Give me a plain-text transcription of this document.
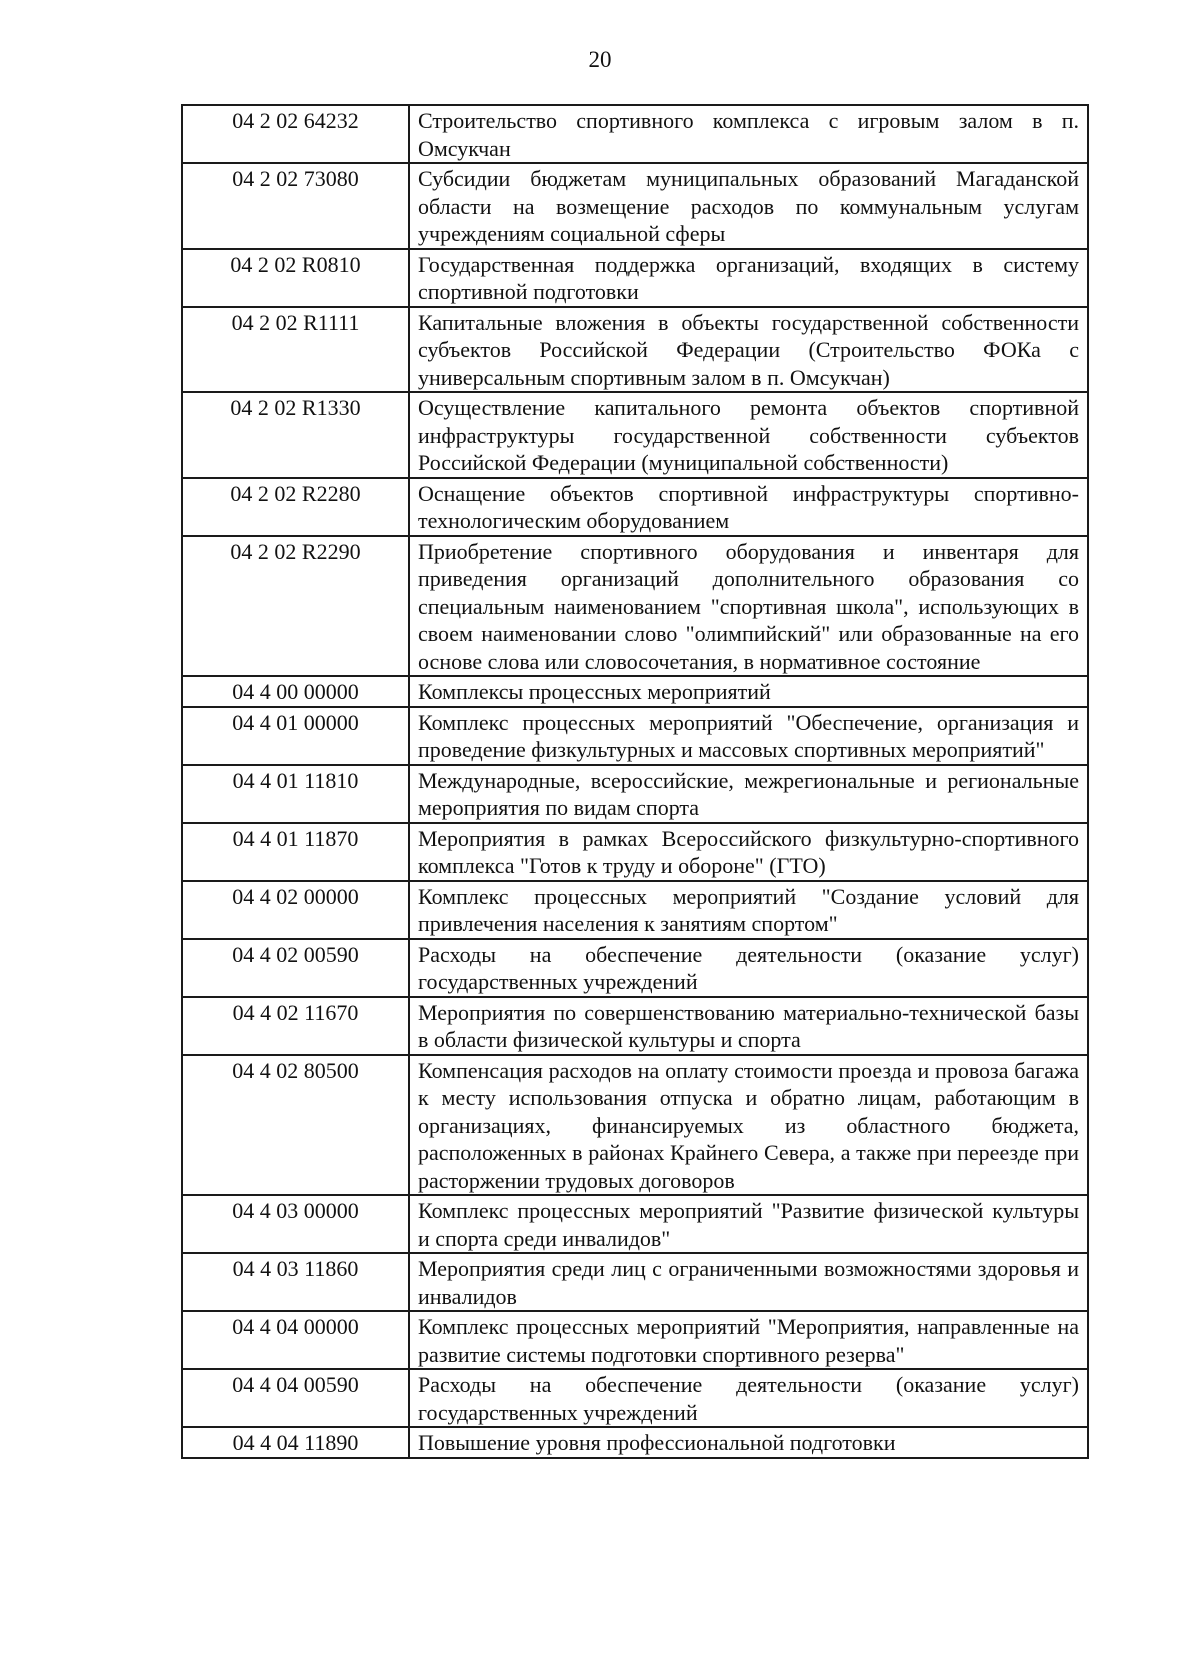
20
04 2 02 64232	Строительство спортивного комплекса с игровым залом в п. Омсукчан
04 2 02 73080	Субсидии бюджетам муниципальных образований Магаданской области на возмещение расходов по коммунальным услугам учреждениям социальной сферы
04 2 02 R0810	Государственная поддержка организаций, входящих в систему спортивной подготовки
04 2 02 R1111	Капитальные вложения в объекты государственной собственности субъектов Российской Федерации (Строительство ФОКа с универсальным спортивным залом в п. Омсукчан)
04 2 02 R1330	Осуществление капитального ремонта объектов спортивной инфраструктуры государственной собственности субъектов Российской Федерации (муниципальной собственности)
04 2 02 R2280	Оснащение объектов спортивной инфраструктуры спортивно-технологическим оборудованием
04 2 02 R2290	Приобретение спортивного оборудования и инвентаря для приведения организаций дополнительного образования со специальным наименованием "спортивная школа", использующих в своем наименовании слово "олимпийский" или образованные на его основе слова или словосочетания, в нормативное состояние
04 4 00 00000	Комплексы процессных мероприятий
04 4 01 00000	Комплекс процессных мероприятий "Обеспечение, организация и проведение физкультурных и массовых спортивных мероприятий"
04 4 01 11810	Международные, всероссийские, межрегиональные и региональные мероприятия по видам спорта
04 4 01 11870	Мероприятия в рамках Всероссийского физкультурно-спортивного комплекса "Готов к труду и обороне" (ГТО)
04 4 02 00000	Комплекс процессных мероприятий "Создание условий для привлечения населения к занятиям спортом"
04 4 02 00590	Расходы на обеспечение деятельности (оказание услуг) государственных учреждений
04 4 02 11670	Мероприятия по совершенствованию материально-технической базы в области физической культуры и спорта
04 4 02 80500	Компенсация расходов на оплату стоимости проезда и провоза багажа к месту использования отпуска и обратно лицам, работающим в организациях, финансируемых из областного бюджета, расположенных в районах Крайнего Севера, а также при переезде при расторжении трудовых договоров
04 4 03 00000	Комплекс процессных мероприятий "Развитие физической культуры и спорта среди инвалидов"
04 4 03 11860	Мероприятия среди лиц с ограниченными возможностями здоровья и инвалидов
04 4 04 00000	Комплекс процессных мероприятий "Мероприятия, направленные на развитие системы подготовки спортивного резерва"
04 4 04 00590	Расходы на обеспечение деятельности (оказание услуг) государственных учреждений
04 4 04 11890	Повышение уровня профессиональной подготовки
